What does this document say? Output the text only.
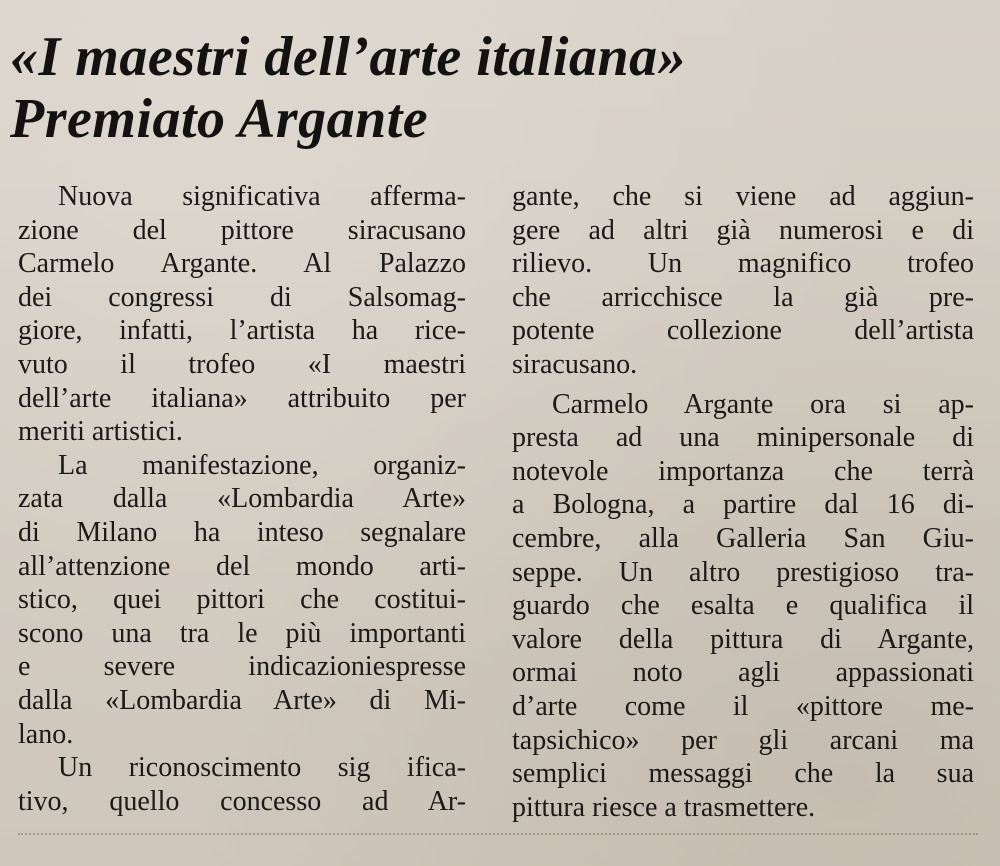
«I maestri dell’arte italiana»
Premiato Argante
Nuova significativa afferma-
zione del pittore siracusano
Carmelo Argante. Al Palazzo
dei congressi di Salsomag-
giore, infatti, l’artista ha rice-
vuto il trofeo «I maestri
dell’arte italiana» attribuito per
meriti artistici.
La manifestazione, organiz-
zata dalla «Lombardia Arte»
di Milano ha inteso segnalare
all’attenzione del mondo arti-
stico, quei pittori che costitui-
scono una tra le più importanti
e severe indicazioniespresse
dalla «Lombardia Arte» di Mi-
lano.
Un riconoscimento sig ifica-
tivo, quello concesso ad Ar-
gante, che si viene ad aggiun-
gere ad altri già numerosi e di
rilievo. Un magnifico trofeo
che arricchisce la già pre-
potente collezione dell’artista
siracusano.
Carmelo Argante ora si ap-
presta ad una minipersonale di
notevole importanza che terrà
a Bologna, a partire dal 16 di-
cembre, alla Galleria San Giu-
seppe. Un altro prestigioso tra-
guardo che esalta e qualifica il
valore della pittura di Argante,
ormai noto agli appassionati
d’arte come il «pittore me-
tapsichico» per gli arcani ma
semplici messaggi che la sua
pittura riesce a trasmettere.
